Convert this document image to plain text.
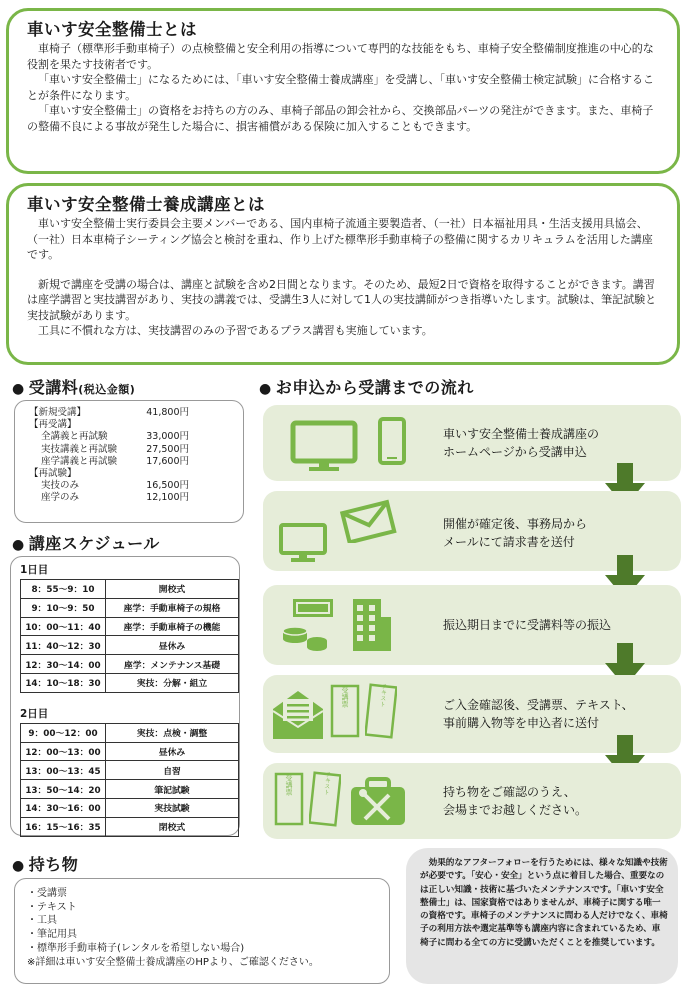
車いす安全整備士とは

車椅子（標準形手動車椅子）の点検整備と安全利用の指導について専門的な技能をもち、車椅子安全整備制度推進の中心的な役割を果たす技術者です。

「車いす安全整備士」になるためには、「車いす安全整備士養成講座」を受講し、「車いす安全整備士検定試験」に合格することが条件になります。

「車いす安全整備士」の資格をお持ちの方のみ、車椅子部品の卸会社から、交換部品パーツの発注ができます。また、車椅子の整備不良による事故が発生した場合に、損害補償がある保険に加入することもできます。

車いす安全整備士養成講座とは

車いす安全整備士実行委員会主要メンバーである、国内車椅子流通主要製造者、（一社）日本福祉用具・生活支援用具協会、（一社）日本車椅子シーティング協会と検討を重ね、作り上げた標準形手動車椅子の整備に関するカリキュラムを活用した講座です。

新規で講座を受講の場合は、講座と試験を含め2日間となります。そのため、最短2日で資格を取得することができます。講習は座学講習と実技講習があり、実技の講義では、受講生3人に対して1人の実技講師がつき指導いたします。試験は、筆記試験と実技試験があります。

工具に不慣れな方は、実技講習のみの予習であるプラス講習も実施しています。

● 受講料(税込金額)
【新規受講】	41,800円
【再受講】
全講義と再試験	33,000円
実技講義と再試験	27,500円
座学講義と再試験	17,600円
【再試験】
実技のみ	16,500円
座学のみ	12,100円
● 講座スケジュール
1日目
8：55～9：10	開校式
9：10～9：50	座学：手動車椅子の規格
10：00～11：40	座学：手動車椅子の機能
11：40～12：30	昼休み
12：30～14：00	座学：メンテナンス基礎
14：10～18：30	実技：分解・組立
2日目
9：00～12：00	実技：点検・調整
12：00～13：00	昼休み
13：00～13：45	自習
13：50～14：20	筆記試験
14：30～16：00	実技試験
16：15～16：35	閉校式
● お申込から受講までの流れ
車いす安全整備士養成講座の
ホームページから受講申込
開催が確定後、事務局から
メールにて請求書を送付
振込期日までに受講料等の振込
受講票	テキスト	ご入金確認後、受講票、テキスト、
事前購入物等を申込者に送付
受講票	テキスト	持ち物をご確認のうえ、
会場までお越しください。
● 持ち物
・受講票
・テキスト
・工具
・筆記用具
・標準形手動車椅子(レンタルを希望しない場合)
※詳細は車いす安全整備士養成講座のHPより、ご確認ください。
効果的なアフターフォローを行うためには、様々な知識や技術が必要です。「安心・安全」という点に着目した場合、重要なのは正しい知識・技術に基づいたメンテナンスです。「車いす安全整備士」は、国家資格ではありませんが、車椅子に関する唯一の資格です。車椅子のメンテナンスに問わる人だけでなく、車椅子の利用方法や選定基準等も講座内容に含まれているため、車椅子に問わる全ての方に受講いただくことを推奨しています。
